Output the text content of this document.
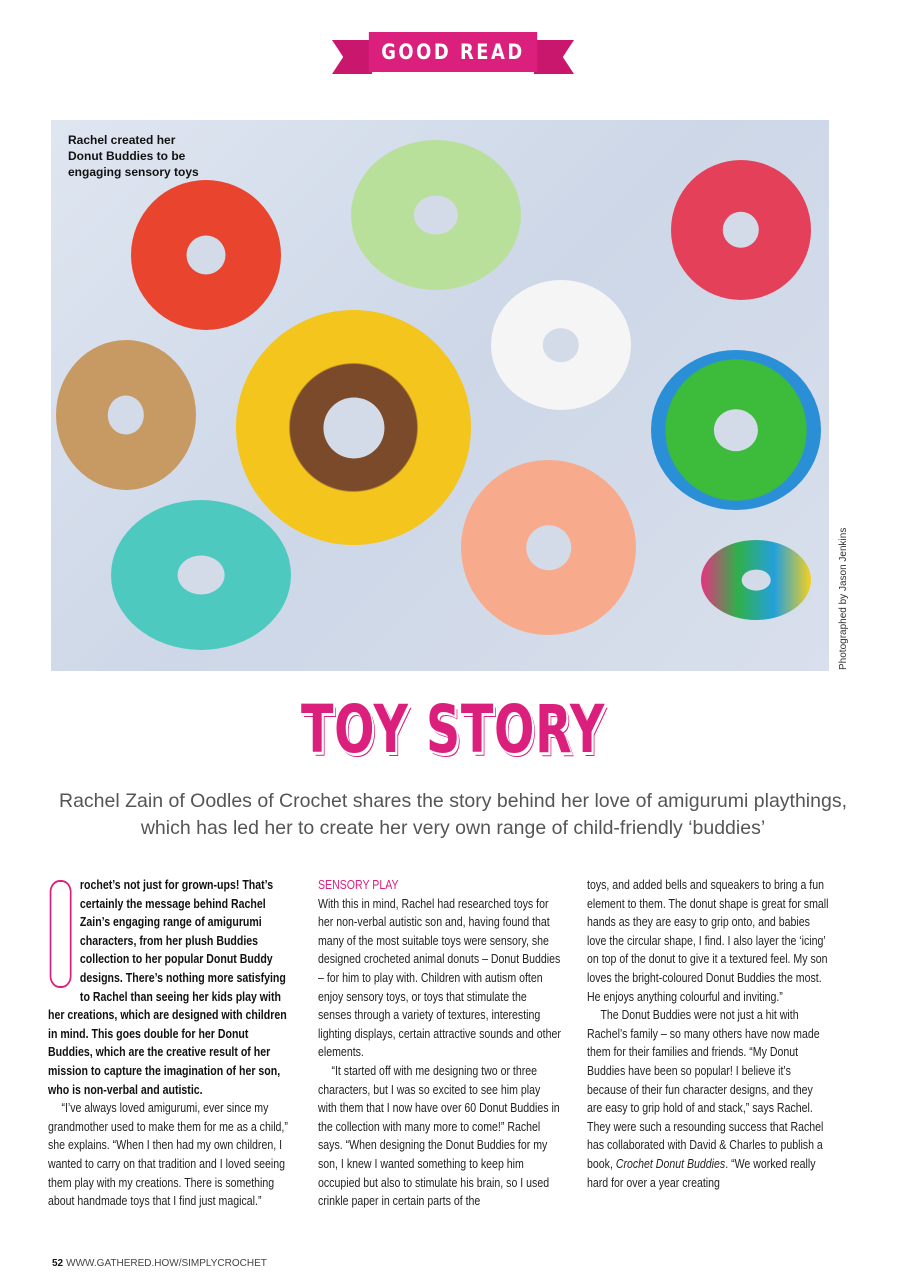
GOOD READ
Rachel created her
Donut Buddies to be
engaging sensory toys
Photographed by Jason Jenkins
TOY STORY

Rachel Zain of Oodles of Crochet shares the story behind her love of amigurumi playthings, which has led her to create her very own range of child-friendly ‘buddies’

rochet’s not just for grown-ups! That’s certainly the message behind Rachel Zain’s engaging range of amigurumi characters, from her plush Buddies collection to her popular Donut Buddy designs. There’s nothing more satisfying to Rachel than seeing her kids play with her creations, which are designed with children in mind. This goes double for her Donut Buddies, which are the creative result of her mission to capture the imagination of her son, who is non-verbal and autistic.

“I’ve always loved amigurumi, ever since my grandmother used to make them for me as a child,” she explains. “When I then had my own children, I wanted to carry on that tradition and I loved seeing them play with my creations. There is something about handmade toys that I find just magical.”

SENSORY PLAY

With this in mind, Rachel had researched toys for her non-verbal autistic son and, having found that many of the most suitable toys were sensory, she designed crocheted animal donuts – Donut Buddies – for him to play with. Children with autism often enjoy sensory toys, or toys that stimulate the senses through a variety of textures, interesting lighting displays, certain attractive sounds and other elements.

“It started off with me designing two or three characters, but I was so excited to see him play with them that I now have over 60 Donut Buddies in the collection with many more to come!” Rachel says. “When designing the Donut Buddies for my son, I knew I wanted something to keep him occupied but also to stimulate his brain, so I used crinkle paper in certain parts of the

toys, and added bells and squeakers to bring a fun element to them. The donut shape is great for small hands as they are easy to grip onto, and babies love the circular shape, I find. I also layer the ‘icing’ on top of the donut to give it a textured feel. My son loves the bright-coloured Donut Buddies the most. He enjoys anything colourful and inviting.”

The Donut Buddies were not just a hit with Rachel’s family – so many others have now made them for their families and friends. “My Donut Buddies have been so popular! I believe it’s because of their fun character designs, and they are easy to grip hold of and stack,” says Rachel. They were such a resounding success that Rachel has collaborated with David & Charles to publish a book, Crochet Donut Buddies. “We worked really hard for over a year creating

52 WWW.GATHERED.HOW/SIMPLYCROCHET
